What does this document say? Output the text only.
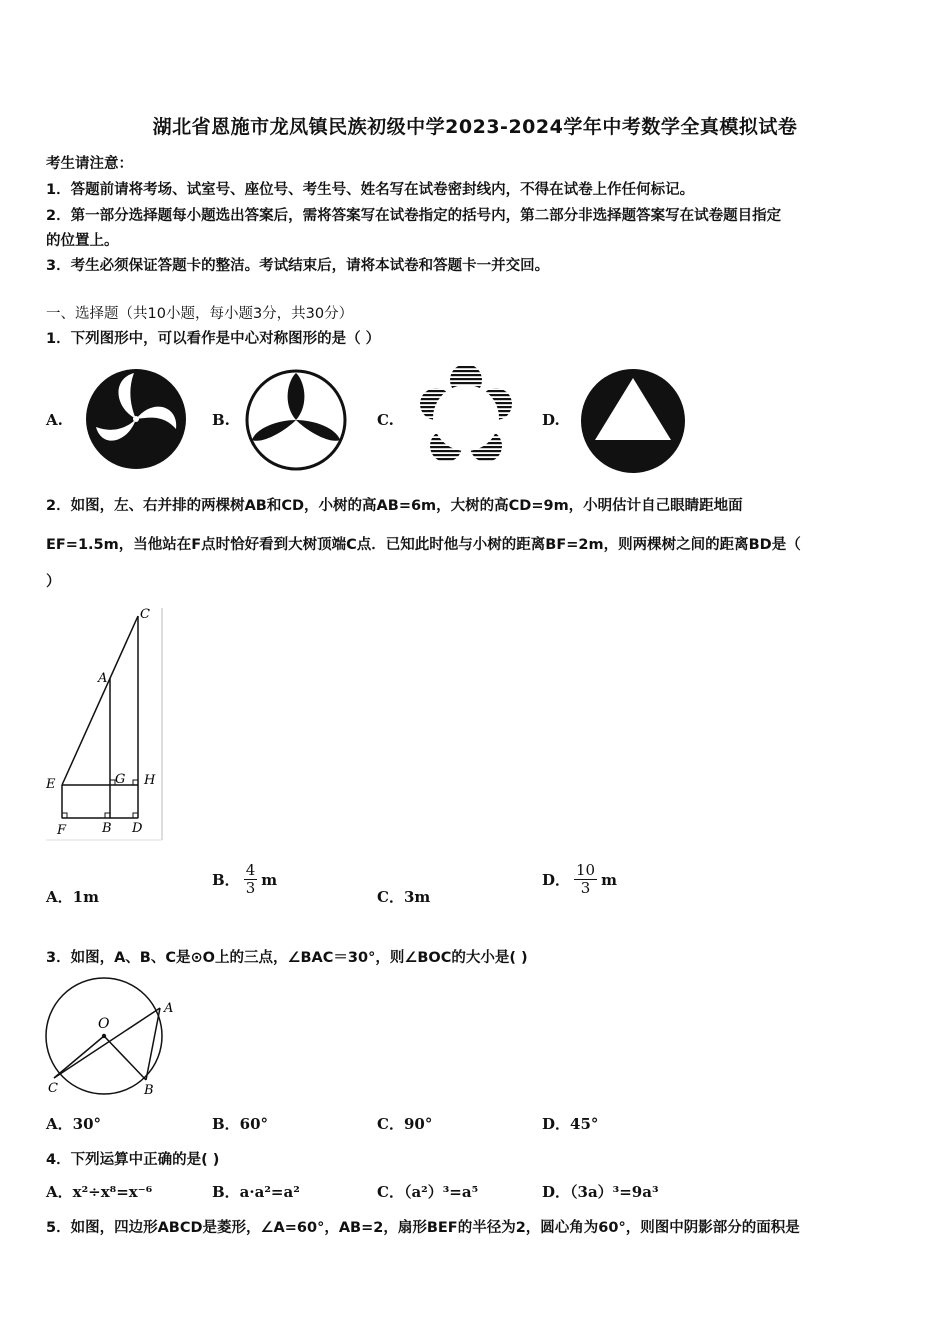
湖北省恩施市龙凤镇民族初级中学2023-2024学年中考数学全真模拟试卷
考生请注意：
1．答题前请将考场、试室号、座位号、考生号、姓名写在试卷密封线内，不得在试卷上作任何标记。
2．第一部分选择题每小题选出答案后，需将答案写在试卷指定的括号内，第二部分非选择题答案写在试卷题目指定
的位置上。
3．考生必须保证答题卡的整洁。考试结束后，请将本试卷和答题卡一并交回。
一、选择题（共10小题，每小题3分，共30分）
1．下列图形中，可以看作是中心对称图形的是（ ）
A.	B.	C.	D.
2．如图，左、右并排的两棵树AB和CD，小树的高AB=6m，大树的高CD=9m，小明估计自己眼睛距地面
EF=1.5m，当他站在F点时恰好看到大树顶端C点．已知此时他与小树的距离BF=2m，则两棵树之间的距离BD是（
）
C
A
E	G H
F	B D
A．1m
B． $\frac{4}{3}$ m
C．3m
D． $\frac{10}{3}$ m
3．如图，A、B、C是⊙O上的三点，∠BAC＝30°，则∠BOC的大小是( )
O
A
C	B
A．30°	B．60°	C．90°	D．45°
4．下列运算中正确的是( )
A．x²÷x⁸=x⁻⁶	B．a·a²=a²	C．（a²）³=a⁵	D．（3a）³=9a³
5．如图，四边形ABCD是菱形，∠A=60°，AB=2，扇形BEF的半径为2，圆心角为60°，则图中阴影部分的面积是
